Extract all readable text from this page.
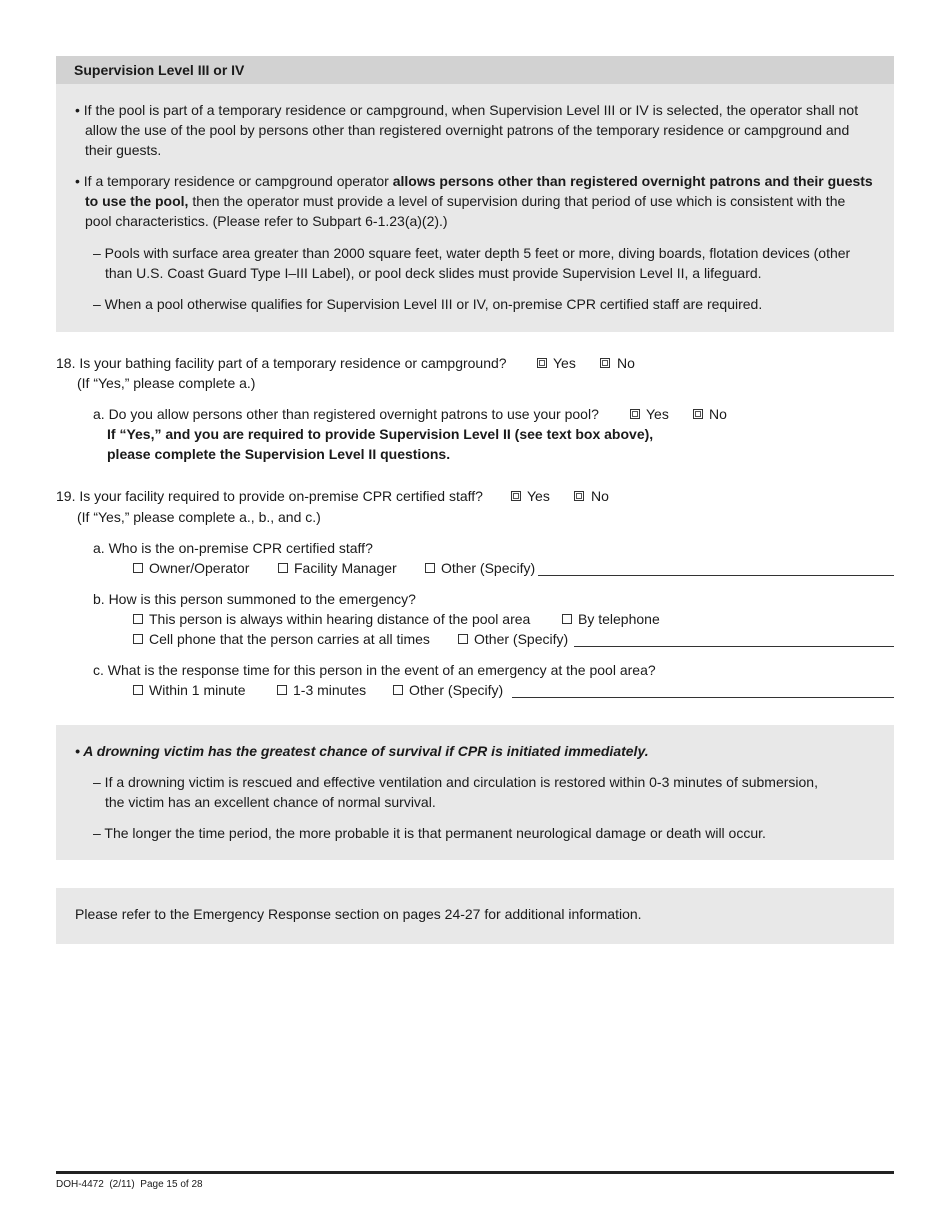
Supervision Level III or IV
• If the pool is part of a temporary residence or campground, when Supervision Level III or IV is selected, the operator shall not
allow the use of the pool by persons other than registered overnight patrons of the temporary residence or campground and
their guests.
• If a temporary residence or campground operator allows persons other than registered overnight patrons and their guests
to use the pool, then the operator must provide a level of supervision during that period of use which is consistent with the
pool characteristics. (Please refer to Subpart 6-1.23(a)(2).)
– Pools with surface area greater than 2000 square feet, water depth 5 feet or more, diving boards, flotation devices (other
than U.S. Coast Guard Type I–III Label), or pool deck slides must provide Supervision Level II, a lifeguard.
– When a pool otherwise qualifies for Supervision Level III or IV, on-premise CPR certified staff are required.
18. Is your bathing facility part of a temporary residence or campground?	Yes	No
(If “Yes,” please complete a.)
a. Do you allow persons other than registered overnight patrons to use your pool?	Yes	No
If “Yes,” and you are required to provide Supervision Level II (see text box above),
please complete the Supervision Level II questions.
19. Is your facility required to provide on-premise CPR certified staff?	Yes	No
(If “Yes,” please complete a., b., and c.)
a. Who is the on-premise CPR certified staff?
Owner/Operator	Facility Manager	Other (Specify)
b. How is this person summoned to the emergency?
This person is always within hearing distance of the pool area	By telephone
Cell phone that the person carries at all times	Other (Specify)
c. What is the response time for this person in the event of an emergency at the pool area?
Within 1 minute	1-3 minutes	Other (Specify)
• A drowning victim has the greatest chance of survival if CPR is initiated immediately.
– If a drowning victim is rescued and effective ventilation and circulation is restored within 0-3 minutes of submersion,
the victim has an excellent chance of normal survival.
– The longer the time period, the more probable it is that permanent neurological damage or death will occur.
Please refer to the Emergency Response section on pages 24-27 for additional information.
DOH-4472  (2/11)  Page 15 of 28
